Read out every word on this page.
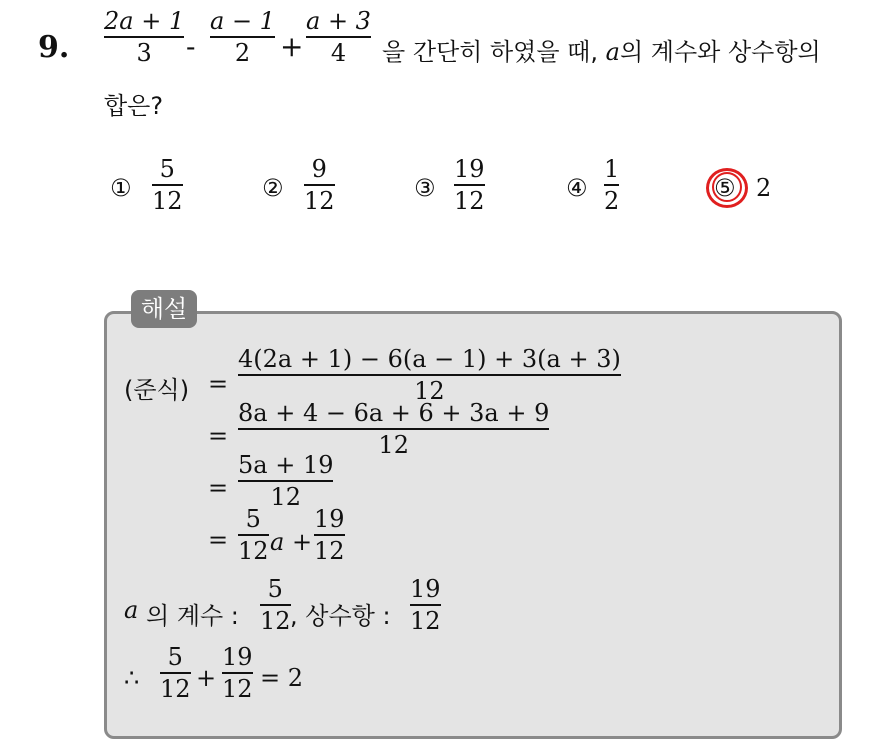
9.
2a + 1
3	-
a − 1
2	+
a + 3
4	을 간단히 하였을 때, a의 계수와 상수항의
합은?
①
5
12	②
9
12	③
19
12	④
1
2	⑤ 2
해설
(준식) =
4(2a + 1) − 6(a − 1) + 3(a + 3)
12
=
8a + 4 − 6a + 6 + 3a + 9
12
=
5a + 19
12
=
5
12 a +
19
12
a 의 계수 :
5
12 , 상수항 :
19
12
∴
5
12 +
19
12 = 2
